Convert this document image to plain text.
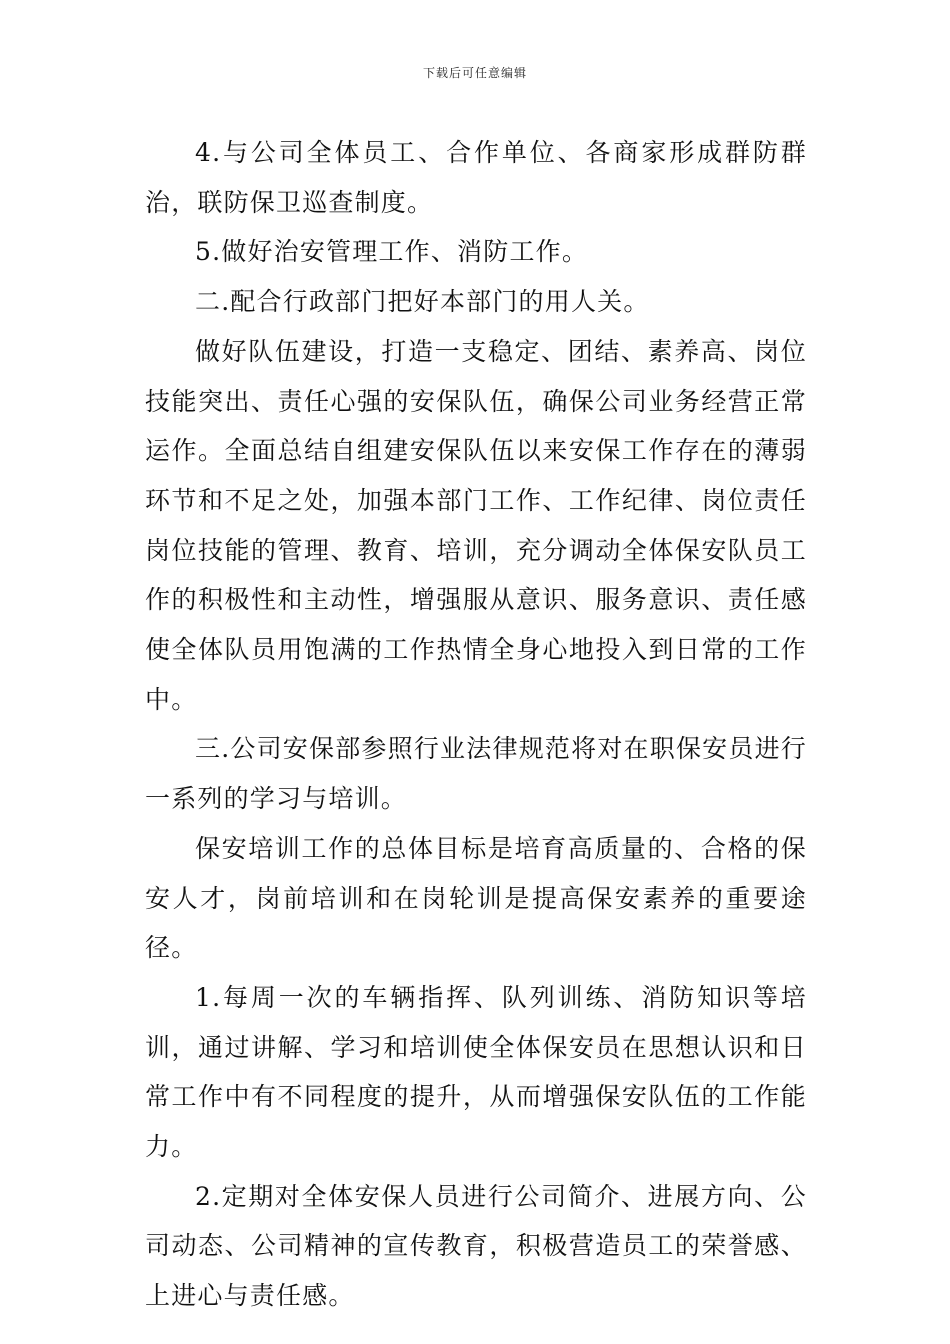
下载后可任意编辑

4.与公司全体员工、合作单位、各商家形成群防群治，联防保卫巡查制度。

5.做好治安管理工作、消防工作。

二.配合行政部门把好本部门的用人关。

做好队伍建设，打造一支稳定、团结、素养高、岗位技能突出、责任心强的安保队伍，确保公司业务经营正常运作。全面总结自组建安保队伍以来安保工作存在的薄弱环节和不足之处，加强本部门工作、工作纪律、岗位责任岗位技能的管理、教育、培训，充分调动全体保安队员工作的积极性和主动性，增强服从意识、服务意识、责任感使全体队员用饱满的工作热情全身心地投入到日常的工作中。

三.公司安保部参照行业法律规范将对在职保安员进行一系列的学习与培训。

保安培训工作的总体目标是培育高质量的、合格的保安人才，岗前培训和在岗轮训是提高保安素养的重要途径。

1.每周一次的车辆指挥、队列训练、消防知识等培训，通过讲解、学习和培训使全体保安员在思想认识和日常工作中有不同程度的提升，从而增强保安队伍的工作能力。

2.定期对全体安保人员进行公司简介、进展方向、公司动态、公司精神的宣传教育，积极营造员工的荣誉感、上进心与责任感。
